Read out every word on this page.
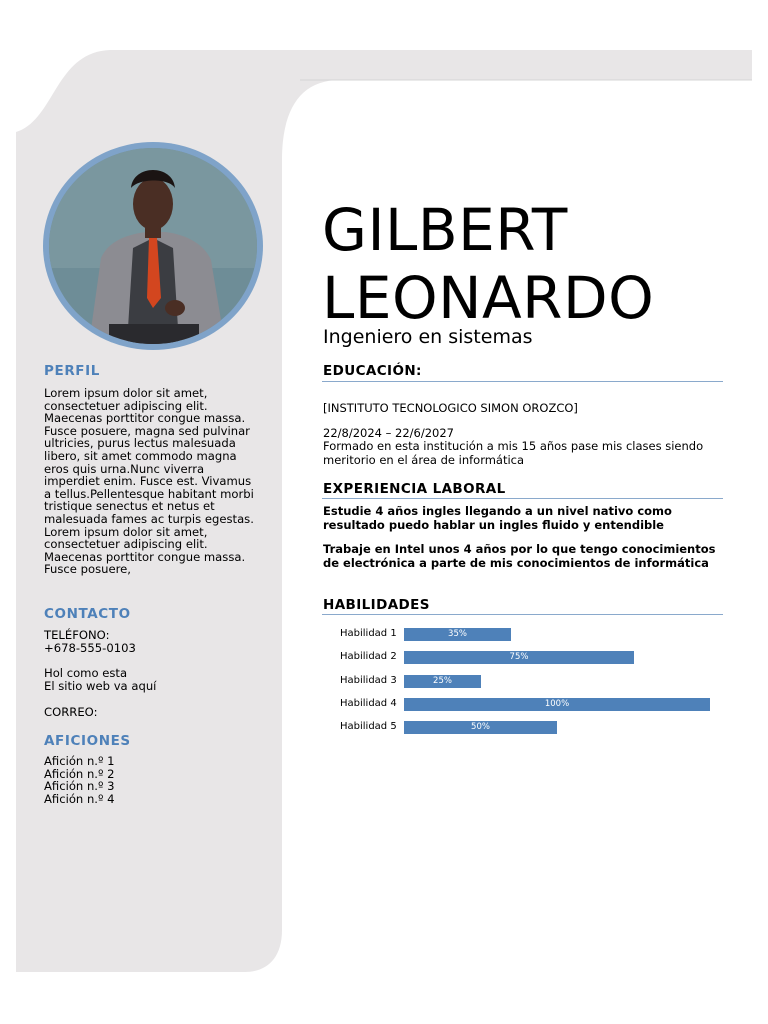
PERFIL
Lorem ipsum dolor sit amet,
consectetuer adipiscing elit.
Maecenas porttitor congue massa.
Fusce posuere, magna sed pulvinar
ultricies, purus lectus malesuada
libero, sit amet commodo magna
eros quis urna.Nunc viverra
imperdiet enim. Fusce est. Vivamus
a tellus.Pellentesque habitant morbi
tristique senectus et netus et
malesuada fames ac turpis egestas.
Lorem ipsum dolor sit amet,
consectetuer adipiscing elit.
Maecenas porttitor congue massa.
Fusce posuere,
CONTACTO
TELÉFONO:
+678-555-0103
Hol como esta
El sitio web va aquí
CORREO:
AFICIONES
Afición n.º 1
Afición n.º 2
Afición n.º 3
Afición n.º 4
GILBERT
LEONARDO
Ingeniero en sistemas
EDUCACIÓN:
[INSTITUTO TECNOLOGICO SIMON OROZCO]
22/8/2024 – 22/6/2027
Formado en esta institución a mis 15 años pase mis clases siendo
meritorio en el área de informática
EXPERIENCIA LABORAL
Estudie 4 años ingles llegando a un nivel nativo como
resultado puedo hablar un ingles fluido y entendible
Trabaje en Intel unos 4 años por lo que tengo conocimientos
de electrónica a parte de mis conocimientos de informática
HABILIDADES
Habilidad 1	35%
Habilidad 2	75%
Habilidad 3	25%
Habilidad 4	100%
Habilidad 5	50%
